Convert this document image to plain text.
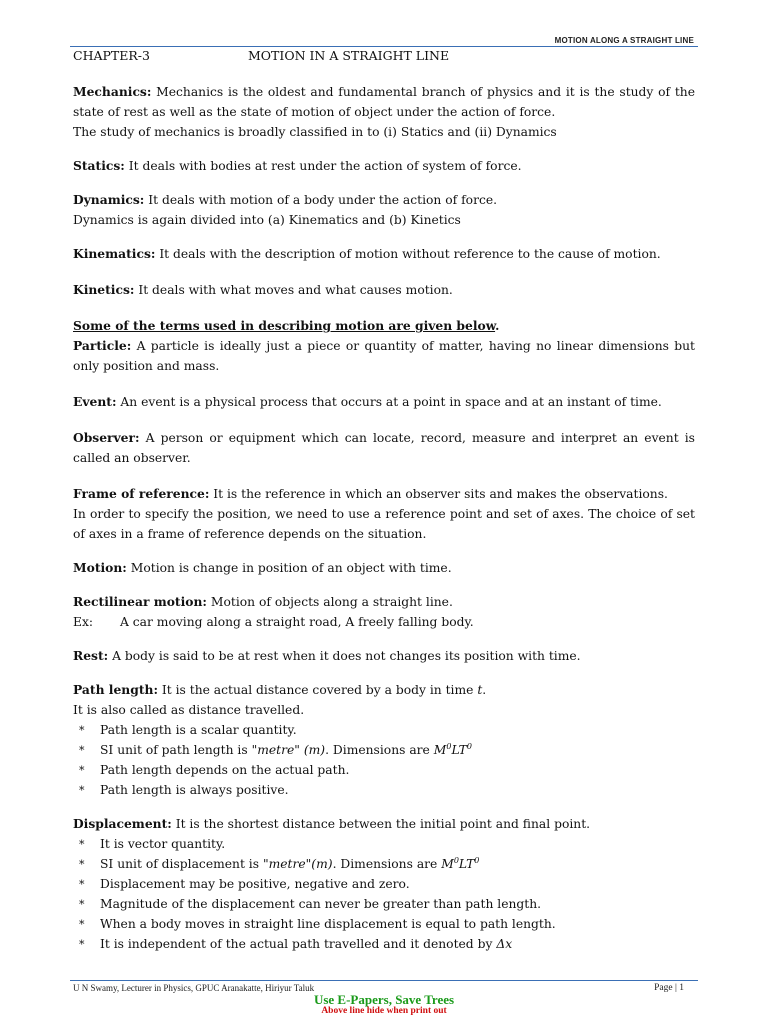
MOTION ALONG A STRAIGHT LINE
CHAPTER-3	MOTION IN A STRAIGHT LINE

Mechanics: Mechanics is the oldest and fundamental branch of physics and it is the study of the state of rest as well as the state of motion of object under the action of force.

The study of mechanics is broadly classified in to (i) Statics and (ii) Dynamics

Statics: It deals with bodies at rest under the action of system of force.

Dynamics: It deals with motion of a body under the action of force.

Dynamics is again divided into (a) Kinematics and (b) Kinetics

Kinematics: It deals with the description of motion without reference to the cause of motion.

Kinetics: It deals with what moves and what causes motion.

Some of the terms used in describing motion are given below.

Particle: A particle is ideally just a piece or quantity of matter, having no linear dimensions but only position and mass.

Event: An event is a physical process that occurs at a point in space and at an instant of time.

Observer: A person or equipment which can locate, record, measure and interpret an event is called an observer.

Frame of reference: It is the reference in which an observer sits and makes the observations.

In order to specify the position, we need to use a reference point and set of axes. The choice of set of axes in a frame of reference depends on the situation.

Motion: Motion is change in position of an object with time.

Rectilinear motion: Motion of objects along a straight line.

Ex: A car moving along a straight road, A freely falling body.

Rest: A body is said to be at rest when it does not changes its position with time.

Path length: It is the actual distance covered by a body in time t.

It is also called as distance travelled.

* Path length is a scalar quantity.
* SI unit of path length is "metre" (m). Dimensions are $M^0LT^0$
* Path length depends on the actual path.
* Path length is always positive.

Displacement: It is the shortest distance between the initial point and final point.

* It is vector quantity.
* SI unit of displacement is "metre"(m). Dimensions are $M^0LT^0$
* Displacement may be positive, negative and zero.
* Magnitude of the displacement can never be greater than path length.
* When a body moves in straight line displacement is equal to path length.
* It is independent of the actual path travelled and it denoted by Δx
U N Swamy, Lecturer in Physics, GPUC Aranakatte, Hiriyur Taluk	Page | 1
Use E-Papers, Save Trees
Above line hide when print out
